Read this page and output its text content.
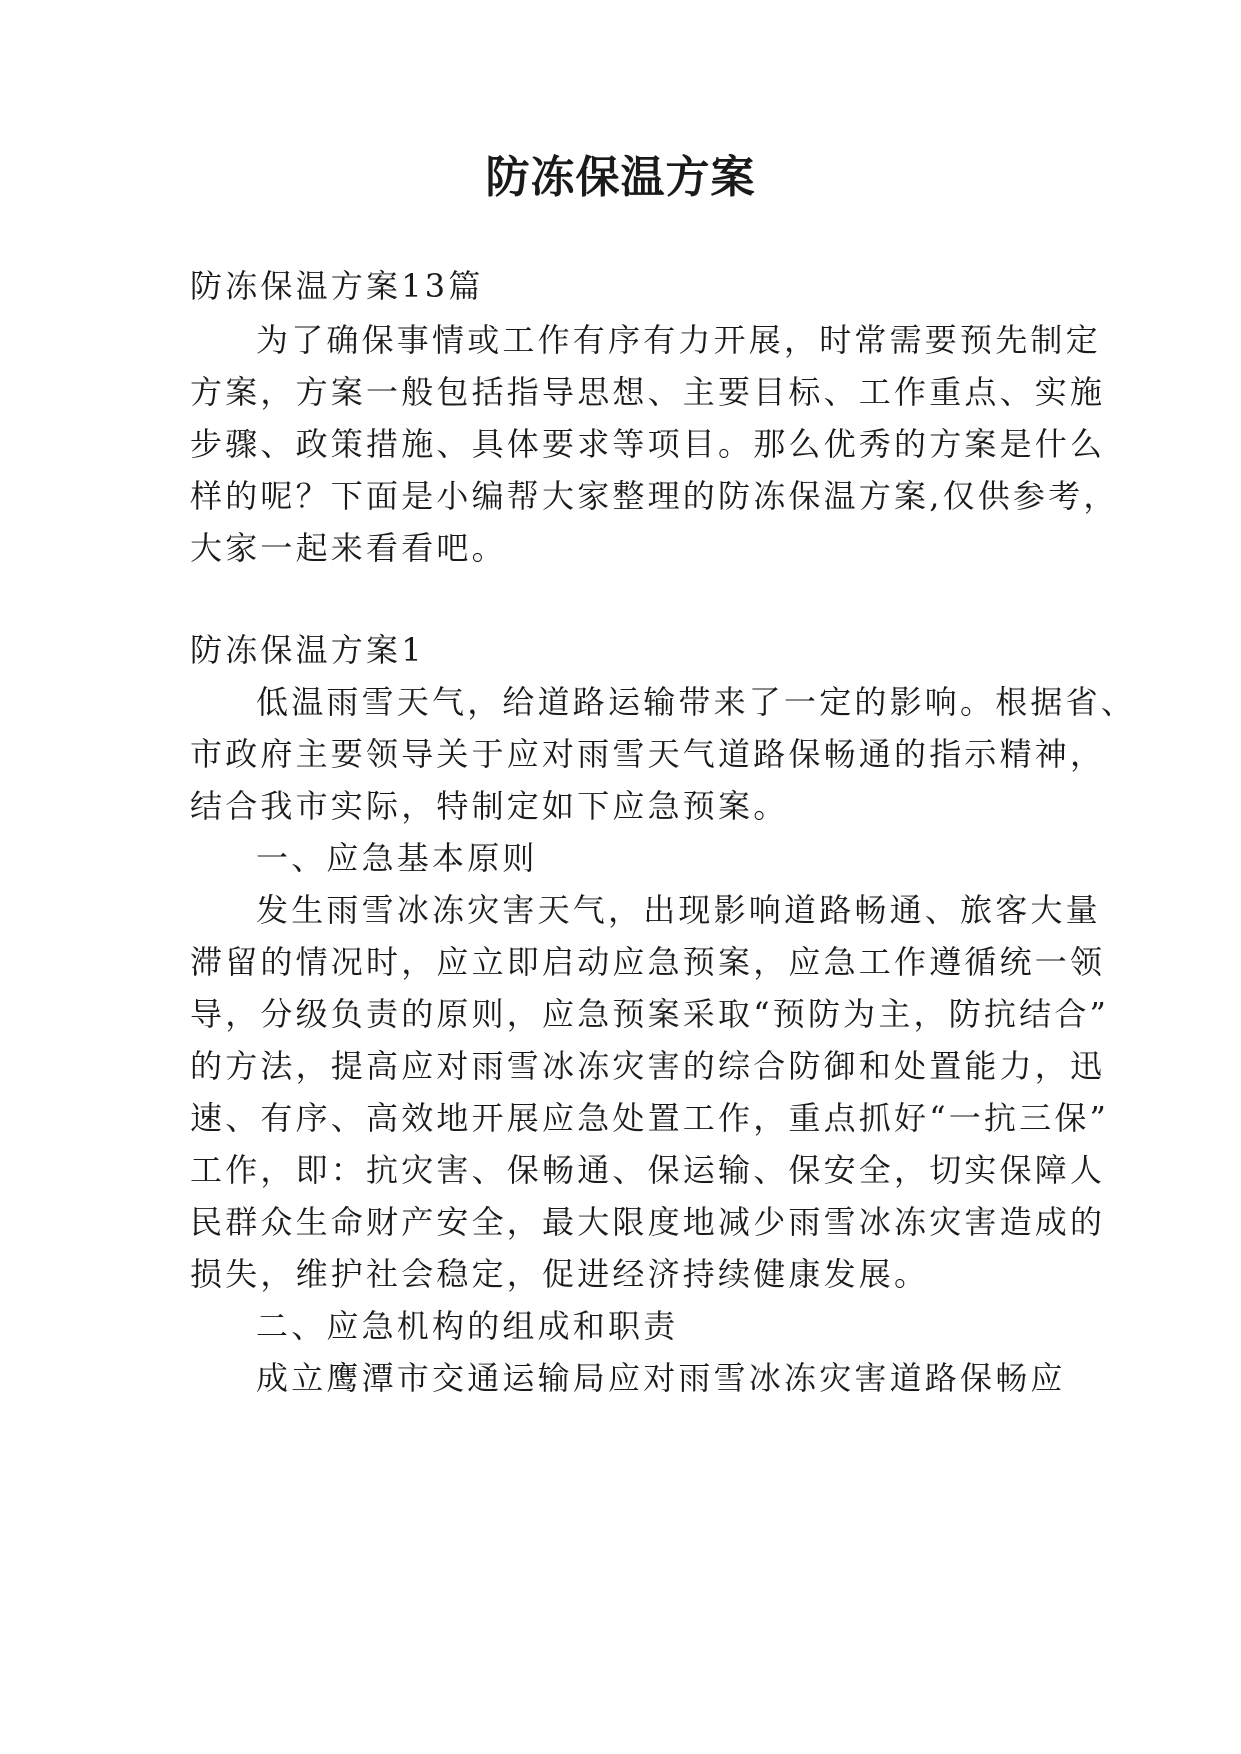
防冻保温方案
防冻保温方案13篇
为了确保事情或工作有序有力开展，时常需要预先制定
方案，方案一般包括指导思想、主要目标、工作重点、实施
步骤、政策措施、具体要求等项目。那么优秀的方案是什么
样的呢？下面是小编帮大家整理的防冻保温方案,仅供参考，
大家一起来看看吧。
防冻保温方案1
低温雨雪天气，给道路运输带来了一定的影响。根据省、
市政府主要领导关于应对雨雪天气道路保畅通的指示精神，
结合我市实际，特制定如下应急预案。
一、应急基本原则
发生雨雪冰冻灾害天气，出现影响道路畅通、旅客大量
滞留的情况时，应立即启动应急预案，应急工作遵循统一领
导，分级负责的原则，应急预案采取“预防为主，防抗结合”
的方法，提高应对雨雪冰冻灾害的综合防御和处置能力，迅
速、有序、高效地开展应急处置工作，重点抓好“一抗三保”
工作，即：抗灾害、保畅通、保运输、保安全，切实保障人
民群众生命财产安全，最大限度地减少雨雪冰冻灾害造成的
损失，维护社会稳定，促进经济持续健康发展。
二、应急机构的组成和职责
成立鹰潭市交通运输局应对雨雪冰冻灾害道路保畅应
